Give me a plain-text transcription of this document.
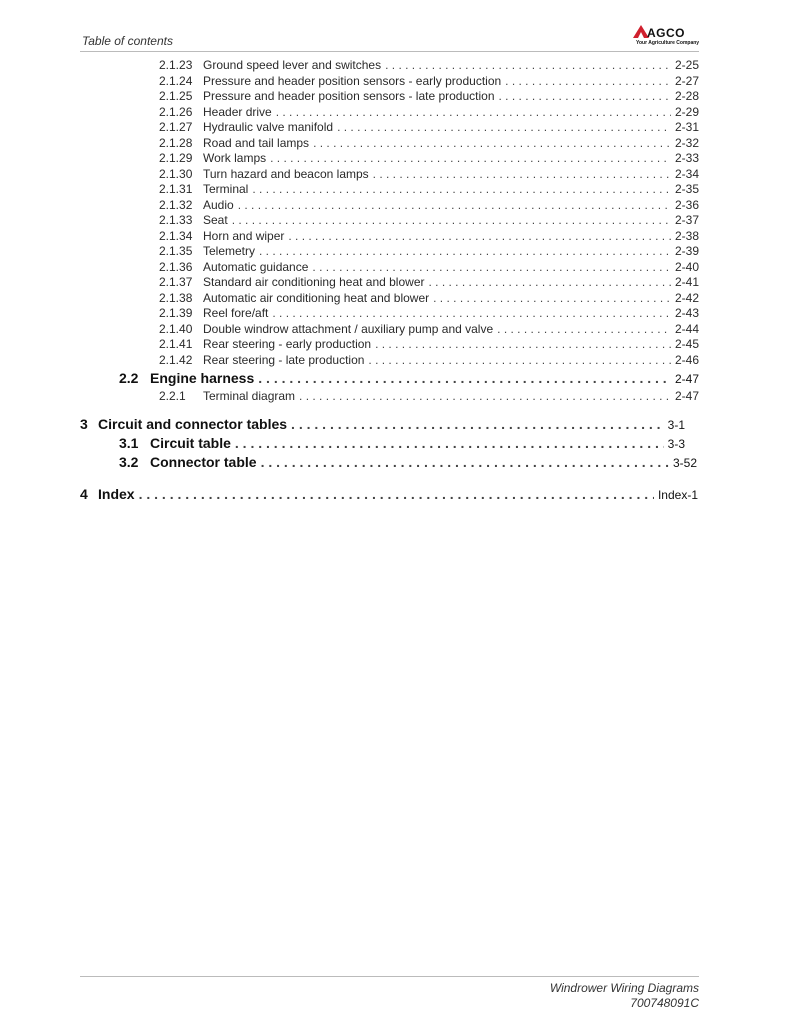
Table of contents
AGCO
Your Agriculture Company
2.1.23 Ground speed lever and switches . . .	2-25
2.1.24 Pressure and header position sensors - early production . . .	2-27
2.1.25 Pressure and header position sensors - late production . . .	2-28
2.1.26 Header drive . . .	2-29
2.1.27 Hydraulic valve manifold . . .	2-31
2.1.28 Road and tail lamps . . .	2-32
2.1.29 Work lamps . . .	2-33
2.1.30 Turn hazard and beacon lamps . . .	2-34
2.1.31 Terminal . . .	2-35
2.1.32 Audio . . .	2-36
2.1.33 Seat . . .	2-37
2.1.34 Horn and wiper . . .	2-38
2.1.35 Telemetry . . .	2-39
2.1.36 Automatic guidance . . .	2-40
2.1.37 Standard air conditioning heat and blower . . .	2-41
2.1.38 Automatic air conditioning heat and blower . . .	2-42
2.1.39 Reel fore/aft . . .	2-43
2.1.40 Double windrow attachment / auxiliary pump and valve . . .	2-44
2.1.41 Rear steering - early production . . .	2-45
2.1.42 Rear steering - late production . . .	2-46
2.2 Engine harness . . .	2-47
2.2.1	Terminal diagram . . .	2-47
3 Circuit and connector tables . . .	3-1
3.1 Circuit table . . .	3-3
3.2 Connector table . . .	3-52
4 Index . . .	Index-1
Windrower Wiring Diagrams
700748091C
